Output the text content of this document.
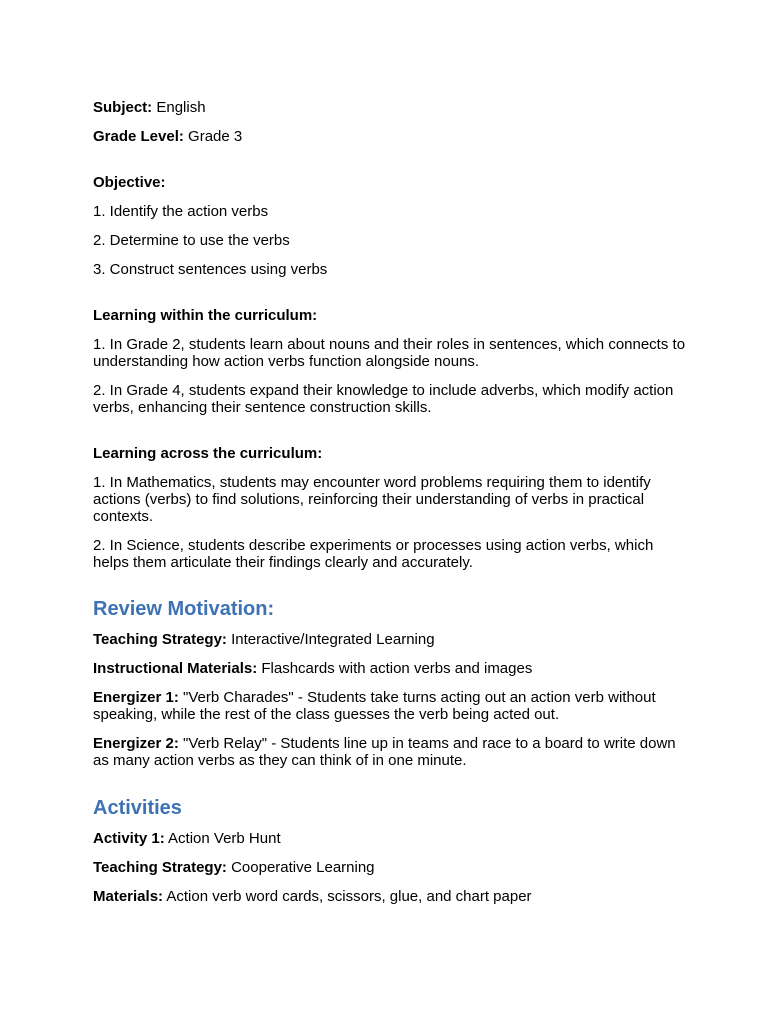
Subject: English

Grade Level: Grade 3

Objective:

1. Identify the action verbs

2. Determine to use the verbs

3. Construct sentences using verbs

Learning within the curriculum:

1. In Grade 2, students learn about nouns and their roles in sentences, which connects to understanding how action verbs function alongside nouns.

2. In Grade 4, students expand their knowledge to include adverbs, which modify action verbs, enhancing their sentence construction skills.

Learning across the curriculum:

1. In Mathematics, students may encounter word problems requiring them to identify actions (verbs) to find solutions, reinforcing their understanding of verbs in practical contexts.

2. In Science, students describe experiments or processes using action verbs, which helps them articulate their findings clearly and accurately.

Review Motivation:

Teaching Strategy: Interactive/Integrated Learning

Instructional Materials: Flashcards with action verbs and images

Energizer 1: "Verb Charades" - Students take turns acting out an action verb without speaking, while the rest of the class guesses the verb being acted out.

Energizer 2: "Verb Relay" - Students line up in teams and race to a board to write down as many action verbs as they can think of in one minute.

Activities

Activity 1: Action Verb Hunt

Teaching Strategy: Cooperative Learning

Materials: Action verb word cards, scissors, glue, and chart paper
